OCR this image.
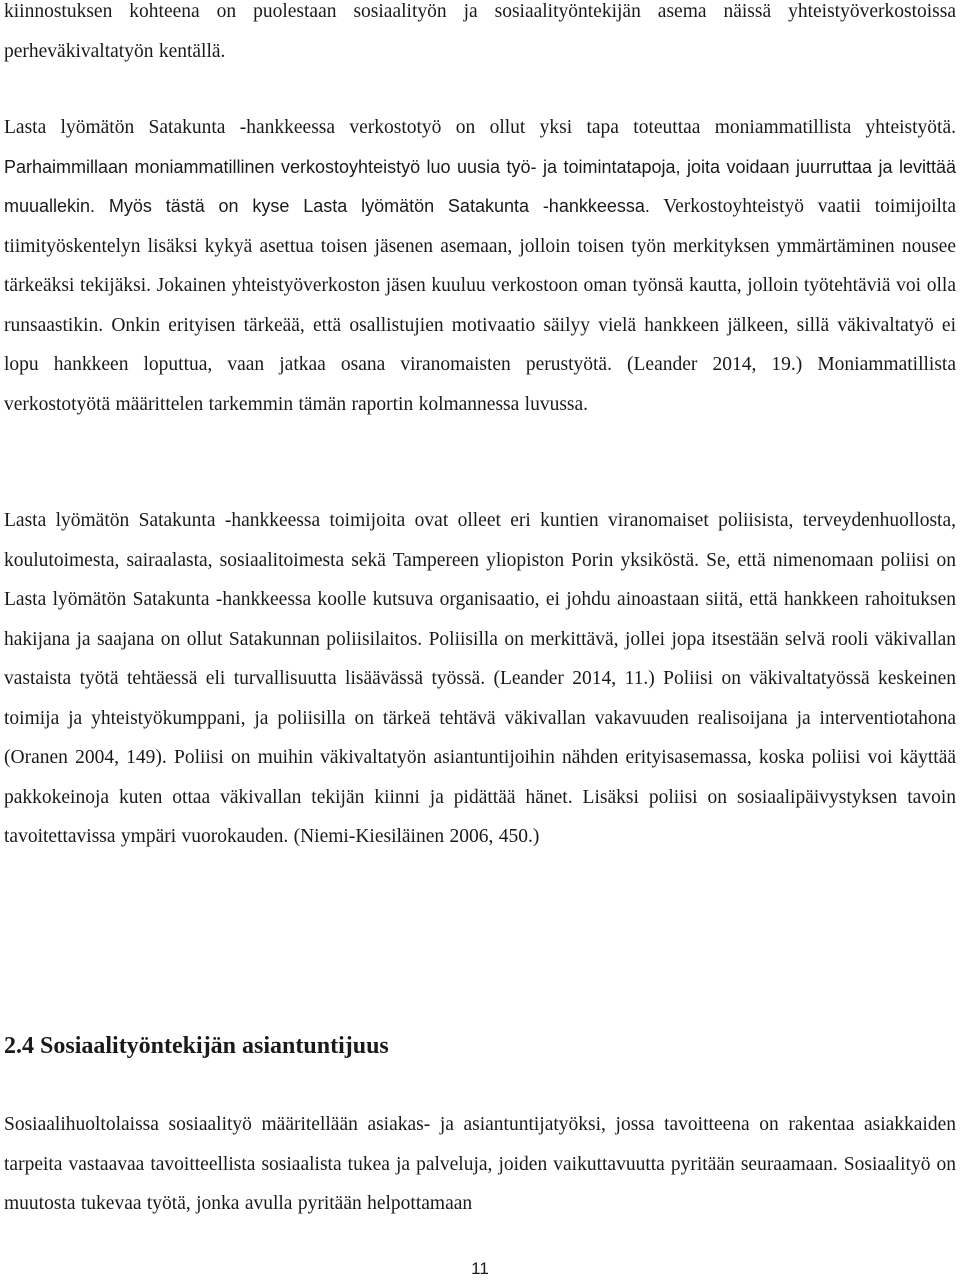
kiinnostuksen kohteena on puolestaan sosiaalityön ja sosiaalityöntekijän asema näissä yhteistyöverkostoissa perheväkivaltatyön kentällä.

Lasta lyömätön Satakunta -hankkeessa verkostotyö on ollut yksi tapa toteuttaa moniammatillista yhteistyötä. Parhaimmillaan moniammatillinen verkostoyhteistyö luo uusia työ- ja toimintatapoja, joita voidaan juurruttaa ja levittää muuallekin. Myös tästä on kyse Lasta lyömätön Satakunta -hankkeessa. Verkostoyhteistyö vaatii toimijoilta tiimityöskentelyn lisäksi kykyä asettua toisen jäsenen asemaan, jolloin toisen työn merkityksen ymmärtäminen nousee tärkeäksi tekijäksi. Jokainen yhteistyöverkoston jäsen kuuluu verkostoon oman työnsä kautta, jolloin työtehtäviä voi olla runsaastikin. Onkin erityisen tärkeää, että osallistujien motivaatio säilyy vielä hankkeen jälkeen, sillä väkivaltatyö ei lopu hankkeen loputtua, vaan jatkaa osana viranomaisten perustyötä. (Leander 2014, 19.) Moniammatillista verkostotyötä määrittelen tarkemmin tämän raportin kolmannessa luvussa.

Lasta lyömätön Satakunta -hankkeessa toimijoita ovat olleet eri kuntien viranomaiset poliisista, terveydenhuollosta, koulutoimesta, sairaalasta, sosiaalitoimesta sekä Tampereen yliopiston Porin yksiköstä. Se, että nimenomaan poliisi on Lasta lyömätön Satakunta -hankkeessa koolle kutsuva organisaatio, ei johdu ainoastaan siitä, että hankkeen rahoituksen hakijana ja saajana on ollut Satakunnan poliisilaitos. Poliisilla on merkittävä, jollei jopa itsestään selvä rooli väkivallan vastaista työtä tehtäessä eli turvallisuutta lisäävässä työssä. (Leander 2014, 11.) Poliisi on väkivaltatyössä keskeinen toimija ja yhteistyökumppani, ja poliisilla on tärkeä tehtävä väkivallan vakavuuden realisoijana ja interventiotahona (Oranen 2004, 149). Poliisi on muihin väkivaltatyön asiantuntijoihin nähden erityisasemassa, koska poliisi voi käyttää pakkokeinoja kuten ottaa väkivallan tekijän kiinni ja pidättää hänet. Lisäksi poliisi on sosiaalipäivystyksen tavoin tavoitettavissa ympäri vuorokauden. (Niemi-Kiesiläinen 2006, 450.)

2.4 Sosiaalityöntekijän asiantuntijuus

Sosiaalihuoltolaissa sosiaalityö määritellään asiakas- ja asiantuntijatyöksi, jossa tavoitteena on rakentaa asiakkaiden tarpeita vastaavaa tavoitteellista sosiaalista tukea ja palveluja, joiden vaikuttavuutta pyritään seuraamaan. Sosiaalityö on muutosta tukevaa työtä, jonka avulla pyritään helpottamaan

11
